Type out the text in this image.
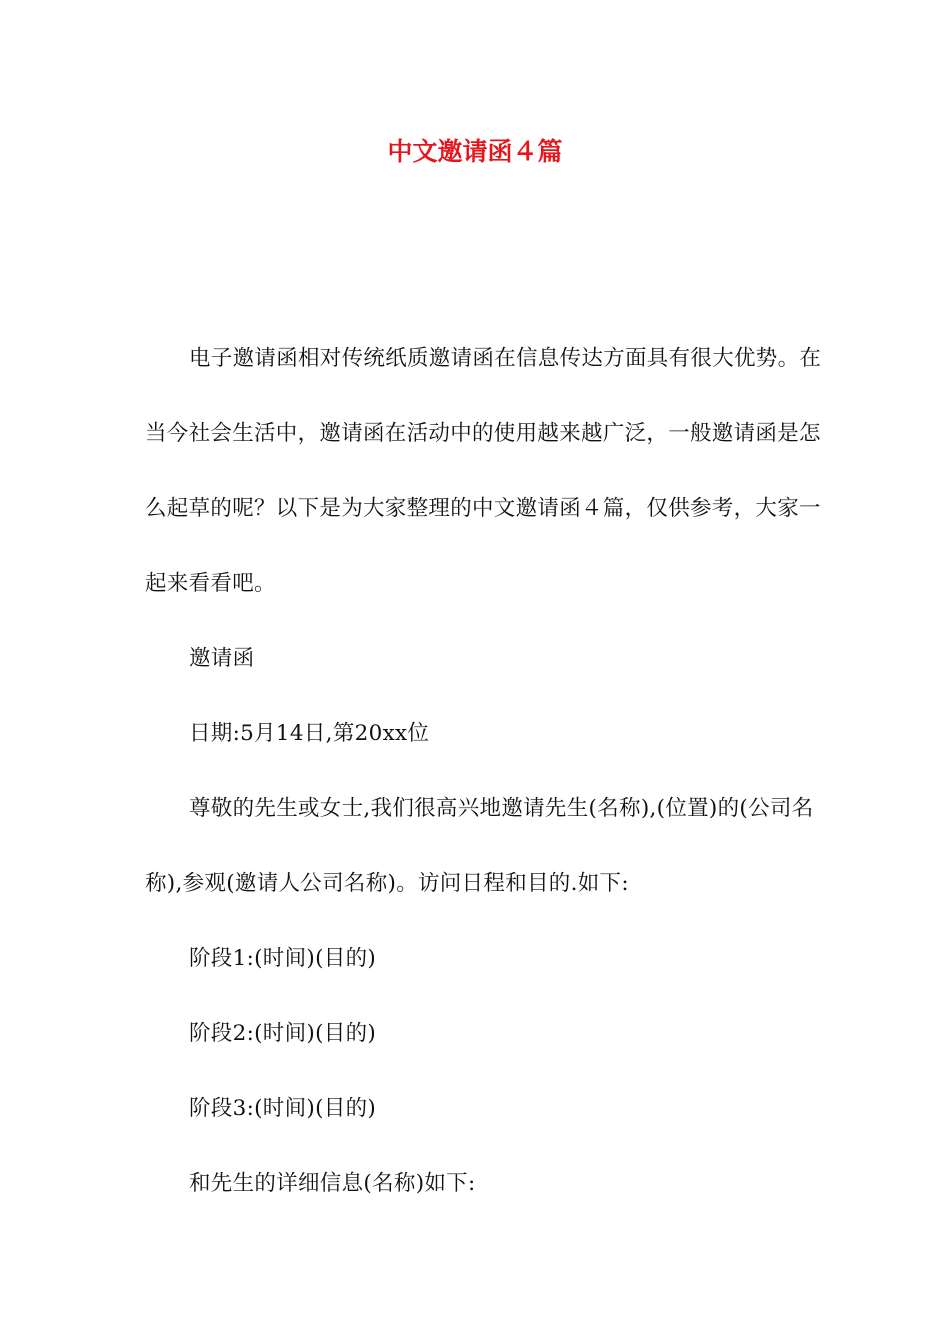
中文邀请函４篇

电子邀请函相对传统纸质邀请函在信息传达方面具有很大优势。在当今社会生活中，邀请函在活动中的使用越来越广泛，一般邀请函是怎么起草的呢？以下是为大家整理的中文邀请函４篇，仅供参考，大家一起来看看吧。

邀请函

日期:5月14日,第20xx位

尊敬的先生或女士,我们很高兴地邀请先生(名称),(位置)的(公司名称),参观(邀请人公司名称)。访问日程和目的.如下:

阶段1:(时间)(目的)

阶段2:(时间)(目的)

阶段3:(时间)(目的)

和先生的详细信息(名称)如下:
